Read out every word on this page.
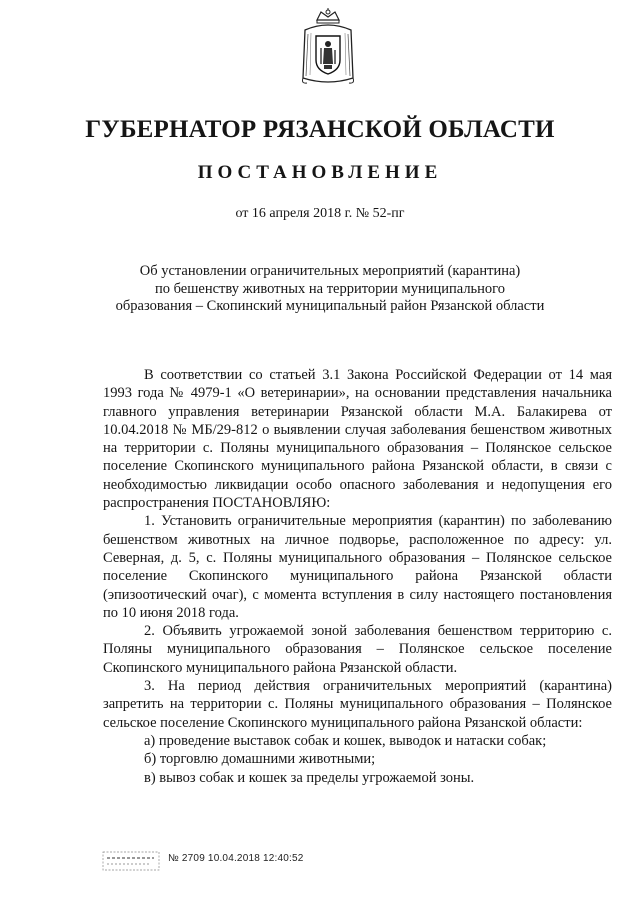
ГУБЕРНАТОР РЯЗАНСКОЙ ОБЛАСТИ
ПОСТАНОВЛЕНИЕ
от 16 апреля 2018 г. № 52-пг
Об установлении ограничительных мероприятий (карантина)
по бешенству животных на территории муниципального
образования – Скопинский муниципальный район Рязанской области

В соответствии со статьей 3.1 Закона Российской Федерации от 14 мая 1993 года № 4979-1 «О ветеринарии», на основании представления начальника главного управления ветеринарии Рязанской области М.А. Балакирева от 10.04.2018 № МБ/29-812 о выявлении случая заболевания бешенством животных на территории с. Поляны муниципального образования – Полянское сельское поселение Скопинского муниципального района Рязанской области, в связи с необходимостью ликвидации особо опасного заболевания и недопущения его распространения ПОСТАНОВЛЯЮ:

1. Установить ограничительные мероприятия (карантин) по заболеванию бешенством животных на личное подворье, расположенное по адресу: ул. Северная, д. 5, с. Поляны муниципального образования – Полянское сельское поселение Скопинского муниципального района Рязанской области (эпизоотический очаг), с момента вступления в силу настоящего постановления по 10 июня 2018 года.

2. Объявить угрожаемой зоной заболевания бешенством территорию с. Поляны муниципального образования – Полянское сельское поселение Скопинского муниципального района Рязанской области.

3. На период действия ограничительных мероприятий (карантина) запретить на территории с. Поляны муниципального образования – Полянское сельское поселение Скопинского муниципального района Рязанской области:

а) проведение выставок собак и кошек, выводок и натаски собак;

б) торговлю домашними животными;

в) вывоз собак и кошек за пределы угрожаемой зоны.

№ 2709 10.04.2018 12:40:52
